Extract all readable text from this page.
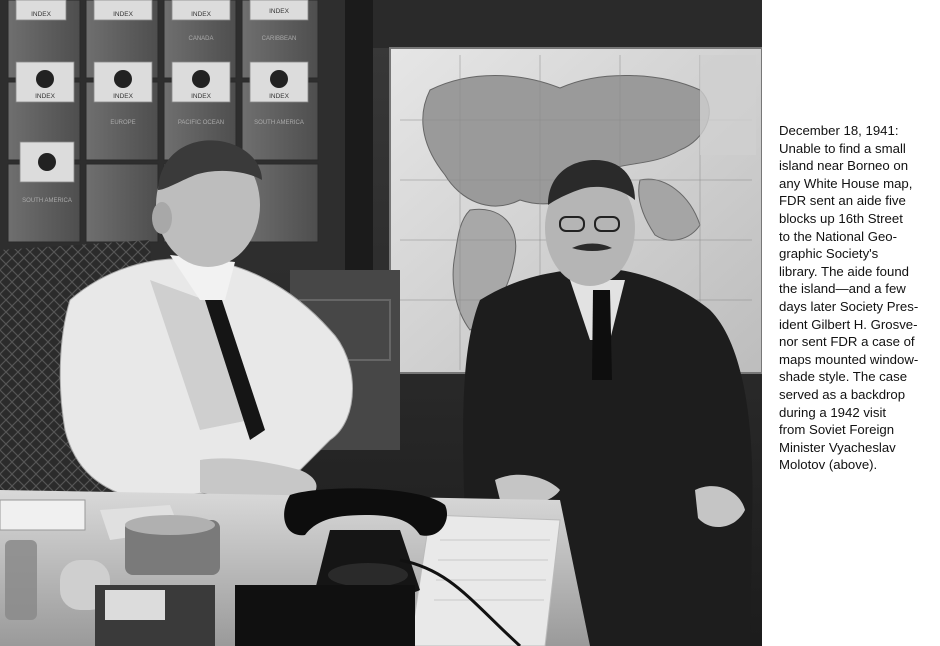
INDEX	INDEX	INDEX	INDEX
INDEX	INDEX	INDEX	INDEX
CANADA	CARIBBEAN
EUROPE	PACIFIC OCEAN	SOUTH AMERICA
SOUTH AMERICA

December 18, 1941:

Unable to find a small

island near Borneo on

any White House map,

FDR sent an aide five

blocks up 16th Street

to the National Geo-

graphic Society's

library. The aide found

the island—and a few

days later Society Pres-

ident Gilbert H. Grosve-

nor sent FDR a case of

maps mounted window-

shade style. The case

served as a backdrop

during a 1942 visit

from Soviet Foreign

Minister Vyacheslav

Molotov (above).
